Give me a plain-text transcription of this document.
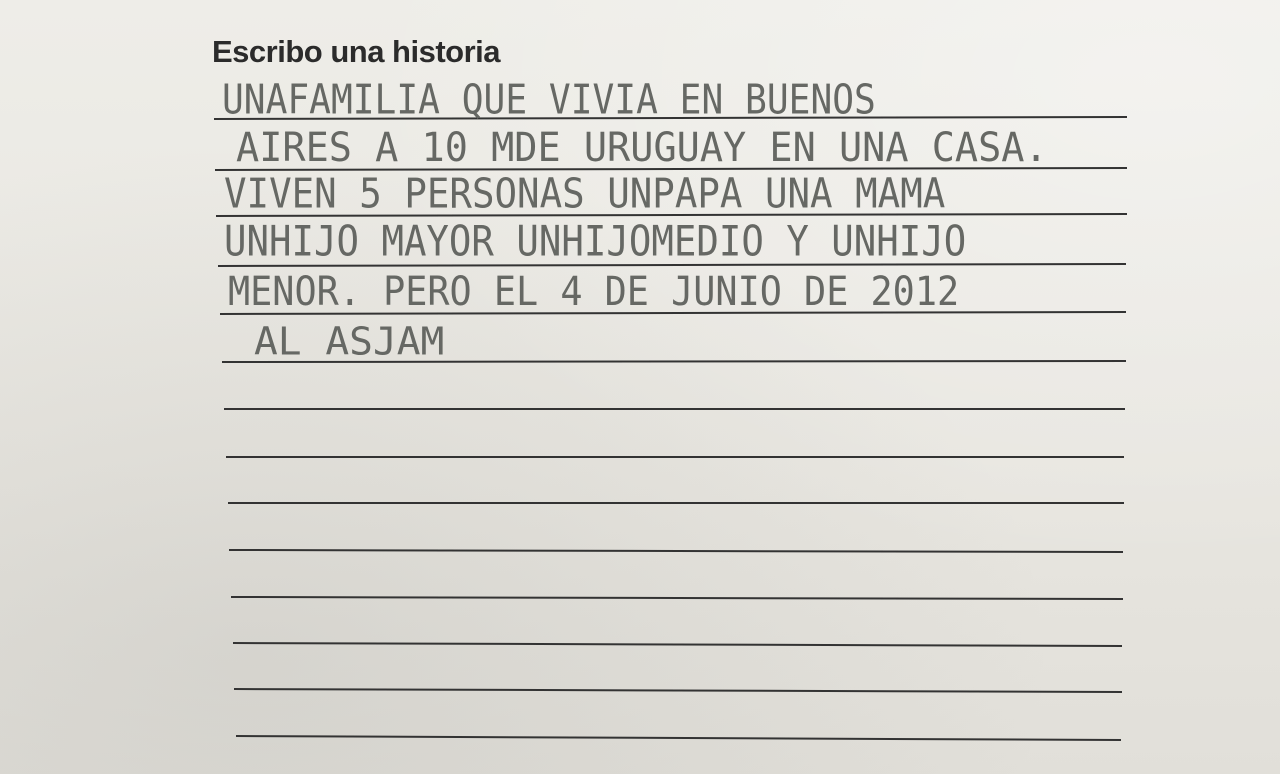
Escribo una historia

UNAFAMILIA QUE VIVIA EN BUENOS

AIRES A 10 MDE URUGUAY EN UNA CASA.

VIVEN 5 PERSONAS UNPAPA UNA MAMA

UNHIJO MAYOR UNHIJOMEDIO Y UNHIJO

MENOR. PERO EL 4 DE JUNIO DE 2012

AL ASJAM
